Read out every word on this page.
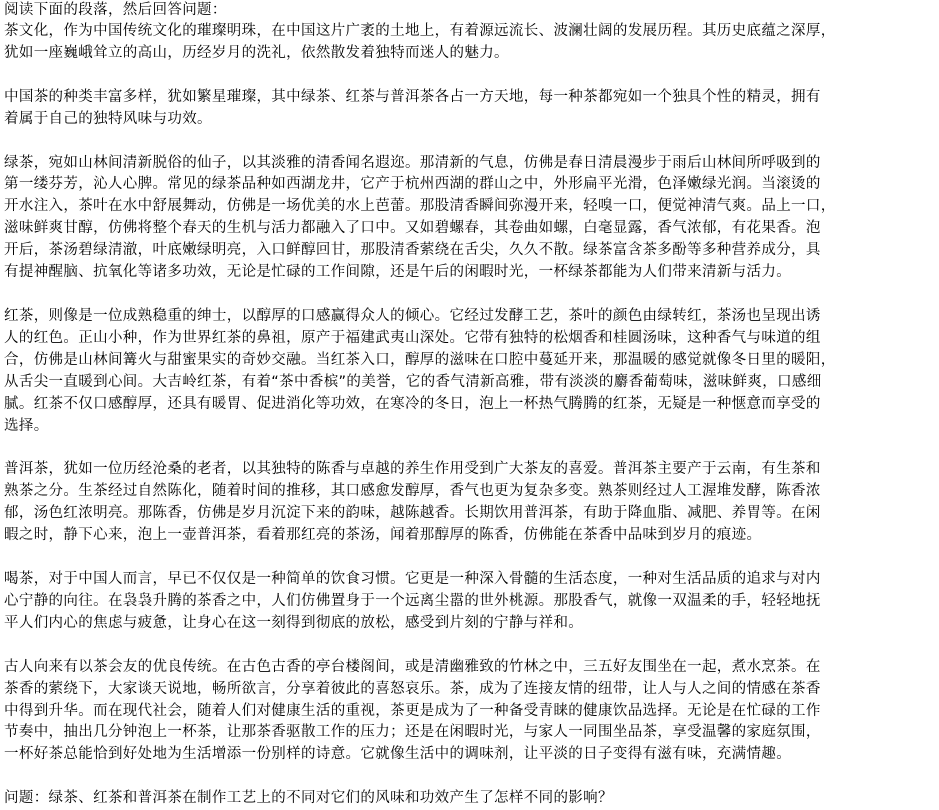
阅读下面的段落，然后回答问题：
茶文化，作为中国传统文化的璀璨明珠，在中国这片广袤的土地上，有着源远流长、波澜壮阔的发展历程。其历史底蕴之深厚，
犹如一座巍峨耸立的高山，历经岁月的洗礼，依然散发着独特而迷人的魅力。
中国茶的种类丰富多样，犹如繁星璀璨，其中绿茶、红茶与普洱茶各占一方天地，每一种茶都宛如一个独具个性的精灵，拥有
着属于自己的独特风味与功效。
绿茶，宛如山林间清新脱俗的仙子，以其淡雅的清香闻名遐迩。那清新的气息，仿佛是春日清晨漫步于雨后山林间所呼吸到的
第一缕芬芳，沁人心脾。常见的绿茶品种如西湖龙井，它产于杭州西湖的群山之中，外形扁平光滑，色泽嫩绿光润。当滚烫的
开水注入，茶叶在水中舒展舞动，仿佛是一场优美的水上芭蕾。那股清香瞬间弥漫开来，轻嗅一口，便觉神清气爽。品上一口，
滋味鲜爽甘醇，仿佛将整个春天的生机与活力都融入了口中。又如碧螺春，其卷曲如螺，白毫显露，香气浓郁，有花果香。泡
开后，茶汤碧绿清澈，叶底嫩绿明亮，入口鲜醇回甘，那股清香萦绕在舌尖，久久不散。绿茶富含茶多酚等多种营养成分，具
有提神醒脑、抗氧化等诸多功效，无论是忙碌的工作间隙，还是午后的闲暇时光，一杯绿茶都能为人们带来清新与活力。
红茶，则像是一位成熟稳重的绅士，以醇厚的口感赢得众人的倾心。它经过发酵工艺，茶叶的颜色由绿转红，茶汤也呈现出诱
人的红色。正山小种，作为世界红茶的鼻祖，原产于福建武夷山深处。它带有独特的松烟香和桂圆汤味，这种香气与味道的组
合，仿佛是山林间篝火与甜蜜果实的奇妙交融。当红茶入口，醇厚的滋味在口腔中蔓延开来，那温暖的感觉就像冬日里的暖阳，
从舌尖一直暖到心间。大吉岭红茶，有着“茶中香槟”的美誉，它的香气清新高雅，带有淡淡的麝香葡萄味，滋味鲜爽，口感细
腻。红茶不仅口感醇厚，还具有暖胃、促进消化等功效，在寒冷的冬日，泡上一杯热气腾腾的红茶，无疑是一种惬意而享受的
选择。
普洱茶，犹如一位历经沧桑的老者，以其独特的陈香与卓越的养生作用受到广大茶友的喜爱。普洱茶主要产于云南，有生茶和
熟茶之分。生茶经过自然陈化，随着时间的推移，其口感愈发醇厚，香气也更为复杂多变。熟茶则经过人工渥堆发酵，陈香浓
郁，汤色红浓明亮。那陈香，仿佛是岁月沉淀下来的韵味，越陈越香。长期饮用普洱茶，有助于降血脂、减肥、养胃等。在闲
暇之时，静下心来，泡上一壶普洱茶，看着那红亮的茶汤，闻着那醇厚的陈香，仿佛能在茶香中品味到岁月的痕迹。
喝茶，对于中国人而言，早已不仅仅是一种简单的饮食习惯。它更是一种深入骨髓的生活态度，一种对生活品质的追求与对内
心宁静的向往。在袅袅升腾的茶香之中，人们仿佛置身于一个远离尘嚣的世外桃源。那股香气，就像一双温柔的手，轻轻地抚
平人们内心的焦虑与疲惫，让身心在这一刻得到彻底的放松，感受到片刻的宁静与祥和。
古人向来有以茶会友的优良传统。在古色古香的亭台楼阁间，或是清幽雅致的竹林之中，三五好友围坐在一起，煮水烹茶。在
茶香的萦绕下，大家谈天说地，畅所欲言，分享着彼此的喜怒哀乐。茶，成为了连接友情的纽带，让人与人之间的情感在茶香
中得到升华。而在现代社会，随着人们对健康生活的重视，茶更是成为了一种备受青睐的健康饮品选择。无论是在忙碌的工作
节奏中，抽出几分钟泡上一杯茶，让那茶香驱散工作的压力；还是在闲暇时光，与家人一同围坐品茶，享受温馨的家庭氛围，
一杯好茶总能恰到好处地为生活增添一份别样的诗意。它就像生活中的调味剂，让平淡的日子变得有滋有味，充满情趣。
问题：绿茶、红茶和普洱茶在制作工艺上的不同对它们的风味和功效产生了怎样不同的影响？
